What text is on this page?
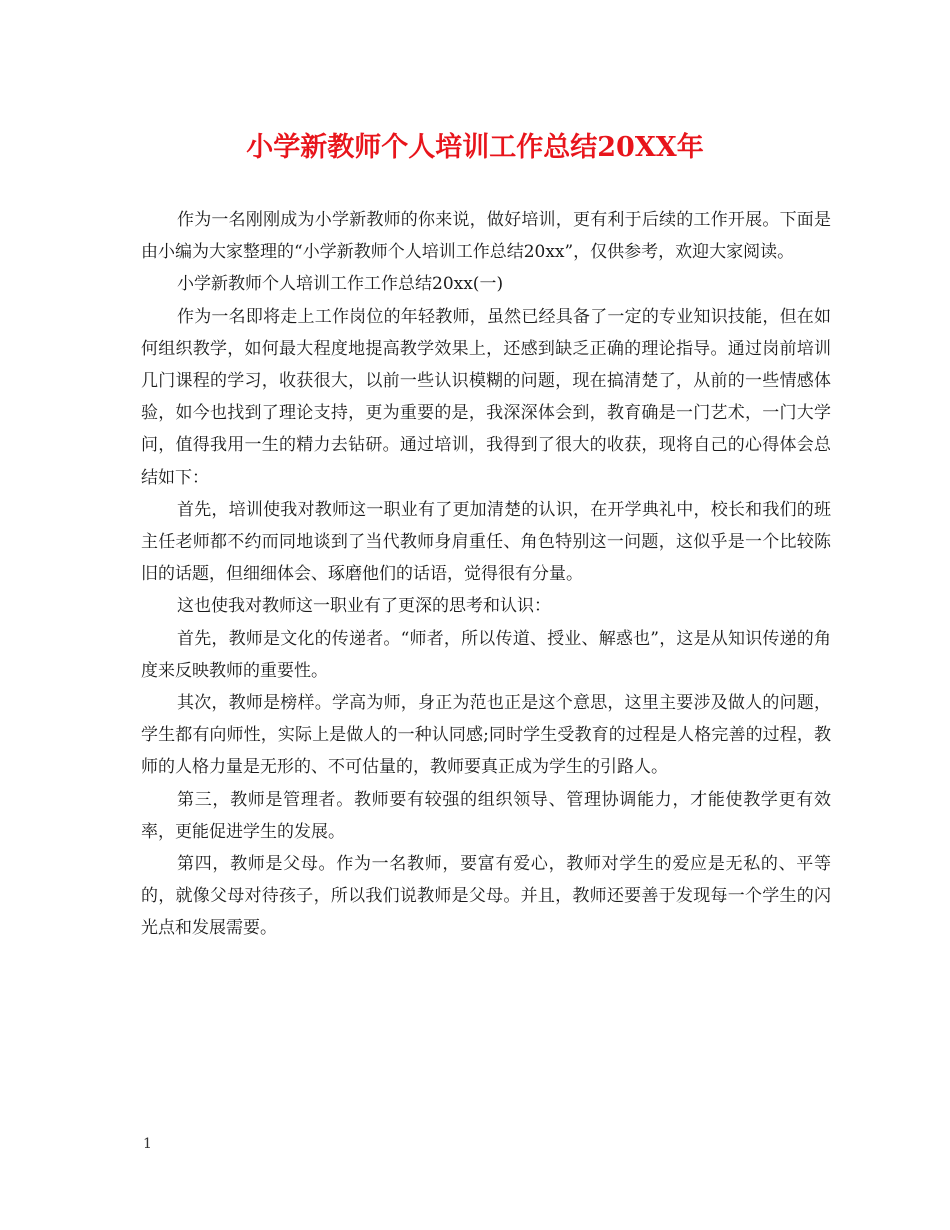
小学新教师个人培训工作总结20XX年

作为一名刚刚成为小学新教师的你来说，做好培训，更有利于后续的工作开展。下面是由小编为大家整理的“小学新教师个人培训工作总结20xx”，仅供参考，欢迎大家阅读。

小学新教师个人培训工作工作总结20xx(一)

作为一名即将走上工作岗位的年轻教师，虽然已经具备了一定的专业知识技能，但在如何组织教学，如何最大程度地提高教学效果上，还感到缺乏正确的理论指导。通过岗前培训几门课程的学习，收获很大，以前一些认识模糊的问题，现在搞清楚了，从前的一些情感体验，如今也找到了理论支持，更为重要的是，我深深体会到，教育确是一门艺术，一门大学问，值得我用一生的精力去钻研。通过培训，我得到了很大的收获，现将自己的心得体会总结如下：

首先，培训使我对教师这一职业有了更加清楚的认识，在开学典礼中，校长和我们的班主任老师都不约而同地谈到了当代教师身肩重任、角色特别这一问题，这似乎是一个比较陈旧的话题，但细细体会、琢磨他们的话语，觉得很有分量。

这也使我对教师这一职业有了更深的思考和认识：

首先，教师是文化的传递者。“师者，所以传道、授业、解惑也”，这是从知识传递的角度来反映教师的重要性。

其次，教师是榜样。学高为师，身正为范也正是这个意思，这里主要涉及做人的问题，学生都有向师性，实际上是做人的一种认同感;同时学生受教育的过程是人格完善的过程，教师的人格力量是无形的、不可估量的，教师要真正成为学生的引路人。

第三，教师是管理者。教师要有较强的组织领导、管理协调能力，才能使教学更有效率，更能促进学生的发展。

第四，教师是父母。作为一名教师，要富有爱心，教师对学生的爱应是无私的、平等的，就像父母对待孩子，所以我们说教师是父母。并且，教师还要善于发现每一个学生的闪光点和发展需要。

1
